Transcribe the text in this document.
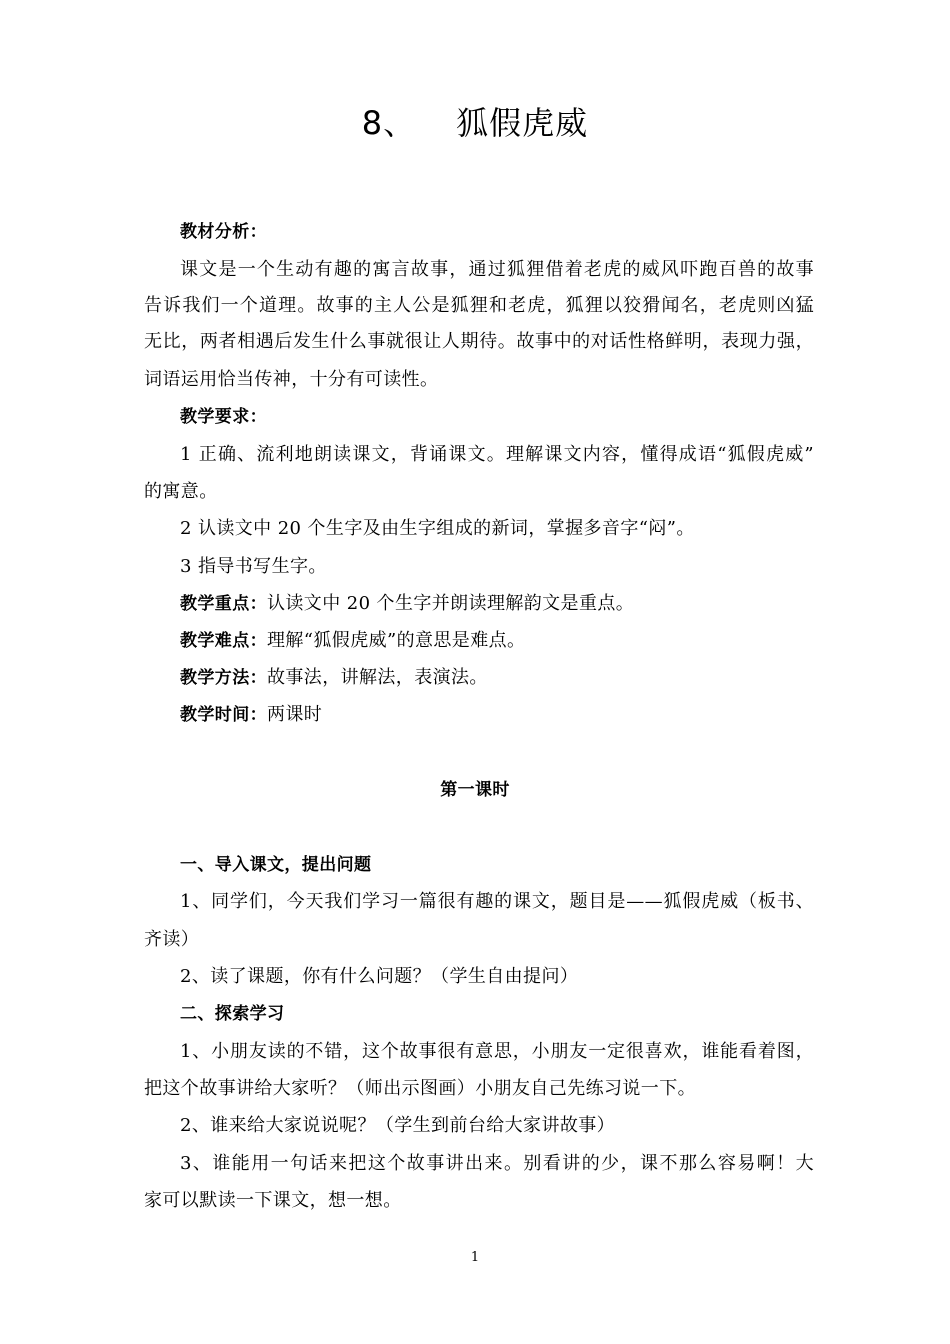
8、 狐假虎威
教材分析：
课文是一个生动有趣的寓言故事，通过狐狸借着老虎的威风吓跑百兽的故事
告诉我们一个道理。故事的主人公是狐狸和老虎，狐狸以狡猾闻名，老虎则凶猛
无比，两者相遇后发生什么事就很让人期待。故事中的对话性格鲜明，表现力强，
词语运用恰当传神，十分有可读性。
教学要求：
1 正确、流利地朗读课文，背诵课文。理解课文内容，懂得成语“狐假虎威”
的寓意。
2 认读文中 20 个生字及由生字组成的新词，掌握多音字“闷”。
3 指导书写生字。
教学重点：认读文中 20 个生字并朗读理解韵文是重点。
教学难点：理解“狐假虎威”的意思是难点。
教学方法：故事法，讲解法，表演法。
教学时间：两课时
第一课时
一、导入课文，提出问题
1、同学们，今天我们学习一篇很有趣的课文，题目是——狐假虎威（板书、
齐读）
2、读了课题，你有什么问题？（学生自由提问）
二、探索学习
1、小朋友读的不错，这个故事很有意思，小朋友一定很喜欢，谁能看着图，
把这个故事讲给大家听？（师出示图画）小朋友自己先练习说一下。
2、谁来给大家说说呢？（学生到前台给大家讲故事）
3、谁能用一句话来把这个故事讲出来。别看讲的少，课不那么容易啊！大
家可以默读一下课文，想一想。
1
